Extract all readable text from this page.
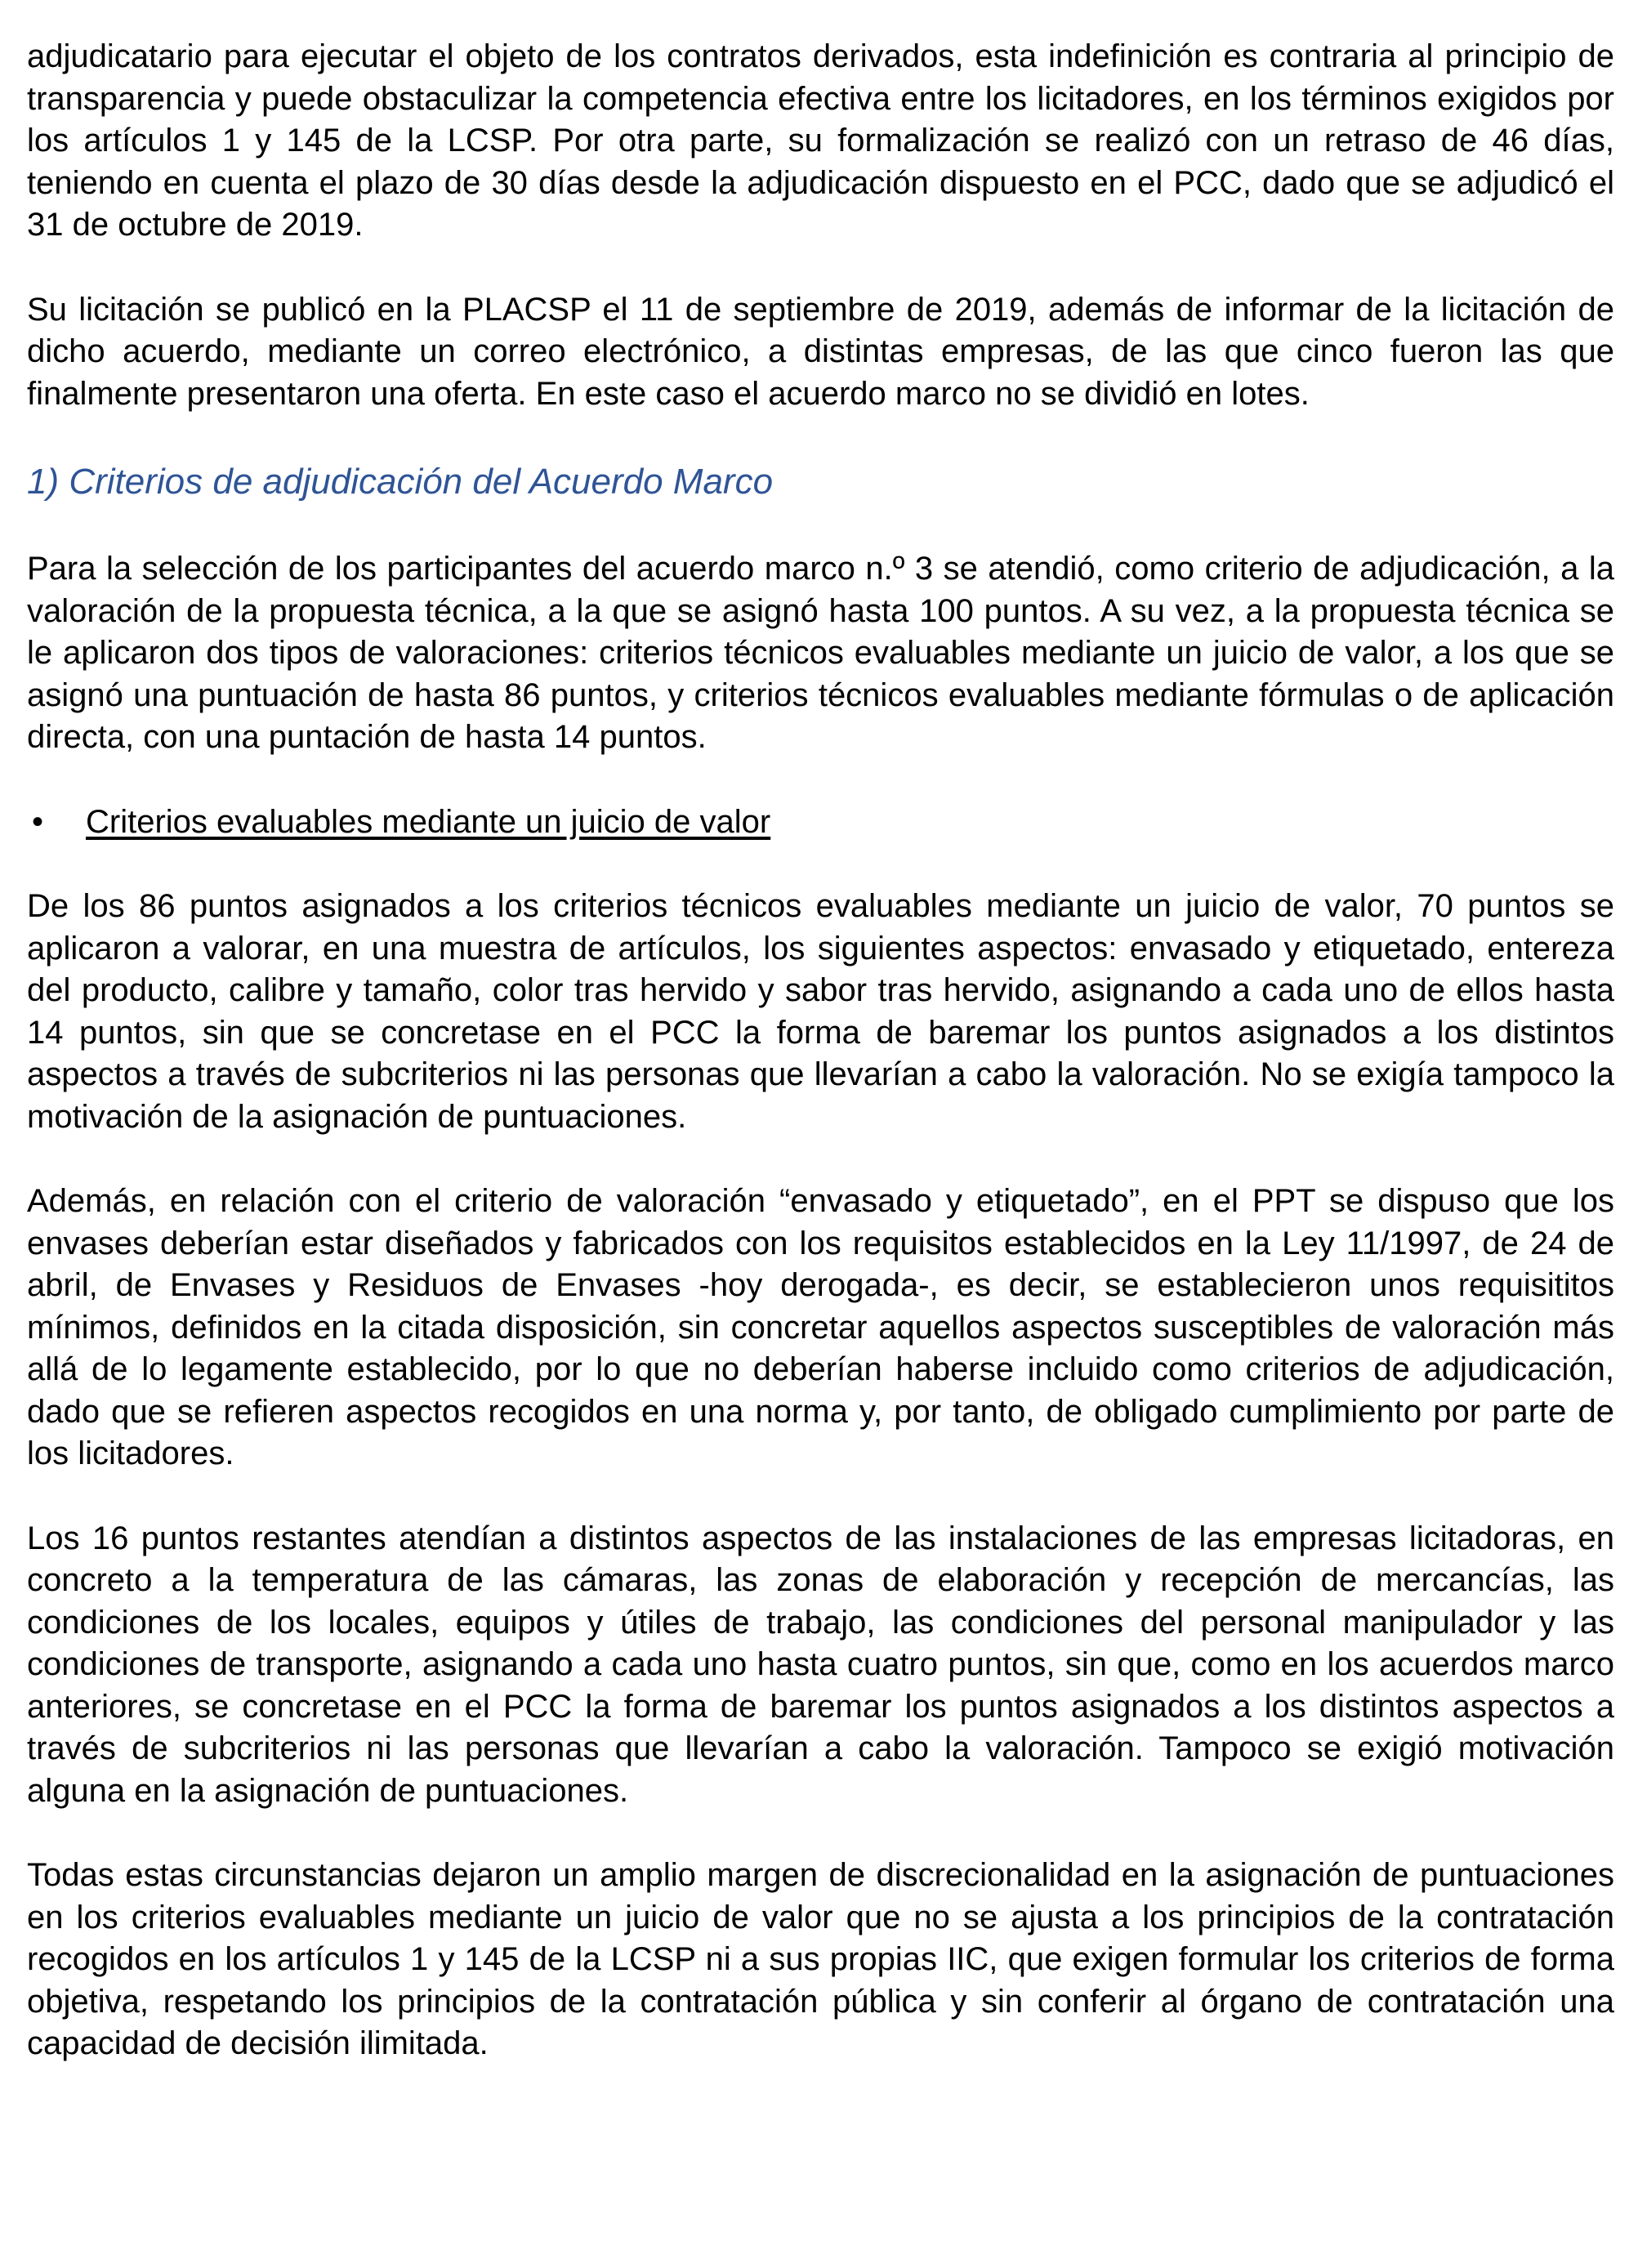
adjudicatario para ejecutar el objeto de los contratos derivados, esta indefinición es contraria al principio de transparencia y puede obstaculizar la competencia efectiva entre los licitadores, en los términos exigidos por los artículos 1 y 145 de la LCSP. Por otra parte, su formalización se realizó con un retraso de 46 días, teniendo en cuenta el plazo de 30 días desde la adjudicación dispuesto en el PCC, dado que se adjudicó el 31 de octubre de 2019.

Su licitación se publicó en la PLACSP el 11 de septiembre de 2019, además de informar de la licitación de dicho acuerdo, mediante un correo electrónico, a distintas empresas, de las que cinco fueron las que finalmente presentaron una oferta. En este caso el acuerdo marco no se dividió en lotes.

1) Criterios de adjudicación del Acuerdo Marco

Para la selección de los participantes del acuerdo marco n.º 3 se atendió, como criterio de adjudicación, a la valoración de la propuesta técnica, a la que se asignó hasta 100 puntos. A su vez, a la propuesta técnica se le aplicaron dos tipos de valoraciones: criterios técnicos evaluables mediante un juicio de valor, a los que se asignó una puntuación de hasta 86 puntos, y criterios técnicos evaluables mediante fórmulas o de aplicación directa, con una puntación de hasta 14 puntos.

•	Criterios evaluables mediante un juicio de valor

De los 86 puntos asignados a los criterios técnicos evaluables mediante un juicio de valor, 70 puntos se aplicaron a valorar, en una muestra de artículos, los siguientes aspectos: envasado y etiquetado, entereza del producto, calibre y tamaño, color tras hervido y sabor tras hervido, asignando a cada uno de ellos hasta 14 puntos, sin que se concretase en el PCC la forma de baremar los puntos asignados a los distintos aspectos a través de subcriterios ni las personas que llevarían a cabo la valoración. No se exigía tampoco la motivación de la asignación de puntuaciones.

Además, en relación con el criterio de valoración “envasado y etiquetado”, en el PPT se dispuso que los envases deberían estar diseñados y fabricados con los requisitos establecidos en la Ley 11/1997, de 24 de abril, de Envases y Residuos de Envases -hoy derogada-, es decir, se establecieron unos requisititos mínimos, definidos en la citada disposición, sin concretar aquellos aspectos susceptibles de valoración más allá de lo legamente establecido, por lo que no deberían haberse incluido como criterios de adjudicación, dado que se refieren aspectos recogidos en una norma y, por tanto, de obligado cumplimiento por parte de los licitadores.

Los 16 puntos restantes atendían a distintos aspectos de las instalaciones de las empresas licitadoras, en concreto a la temperatura de las cámaras, las zonas de elaboración y recepción de mercancías, las condiciones de los locales, equipos y útiles de trabajo, las condiciones del personal manipulador y las condiciones de transporte, asignando a cada uno hasta cuatro puntos, sin que, como en los acuerdos marco anteriores, se concretase en el PCC la forma de baremar los puntos asignados a los distintos aspectos a través de subcriterios ni las personas que llevarían a cabo la valoración. Tampoco se exigió motivación alguna en la asignación de puntuaciones.

Todas estas circunstancias dejaron un amplio margen de discrecionalidad en la asignación de puntuaciones en los criterios evaluables mediante un juicio de valor que no se ajusta a los principios de la contratación recogidos en los artículos 1 y 145 de la LCSP ni a sus propias IIC, que exigen formular los criterios de forma objetiva, respetando los principios de la contratación pública y sin conferir al órgano de contratación una capacidad de decisión ilimitada.
